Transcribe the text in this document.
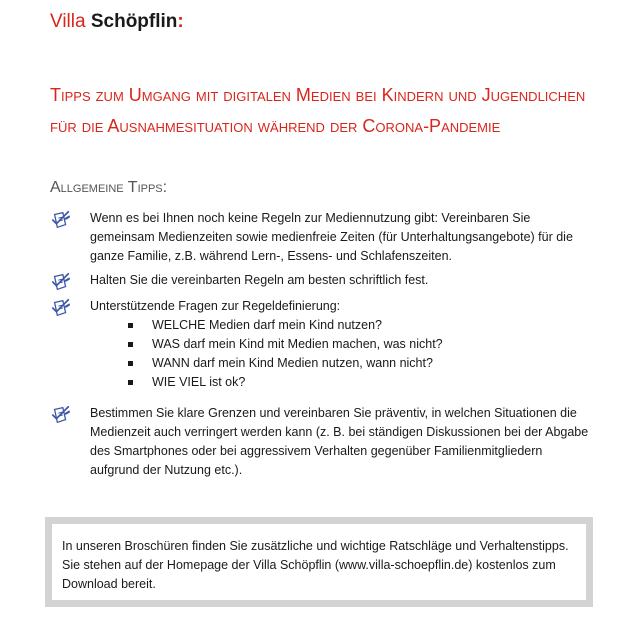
Villa Schöpflin:
Tipps zum Umgang mit digitalen Medien bei Kindern und Jugendlichen für die Ausnahmesituation während der Corona-Pandemie
Allgemeine Tipps:
Wenn es bei Ihnen noch keine Regeln zur Mediennutzung gibt: Vereinbaren Sie gemeinsam Medienzeiten sowie medienfreie Zeiten (für Unterhaltungsangebote) für die ganze Familie, z.B. während Lern-, Essens- und Schlafenszeiten.
Halten Sie die vereinbarten Regeln am besten schriftlich fest.
Unterstützende Fragen zur Regeldefinierung:
WELCHE Medien darf mein Kind nutzen?
WAS darf mein Kind mit Medien machen, was nicht?
WANN darf mein Kind Medien nutzen, wann nicht?
WIE VIEL ist ok?
Bestimmen Sie klare Grenzen und vereinbaren Sie präventiv, in welchen Situationen die Medienzeit auch verringert werden kann (z. B. bei ständigen Diskussionen bei der Abgabe des Smartphones oder bei aggressivem Verhalten gegenüber Familienmitgliedern aufgrund der Nutzung etc.).
In unseren Broschüren finden Sie zusätzliche und wichtige Ratschläge und Verhaltenstipps. Sie stehen auf der Homepage der Villa Schöpflin (www.villa-schoepflin.de) kostenlos zum Download bereit.
